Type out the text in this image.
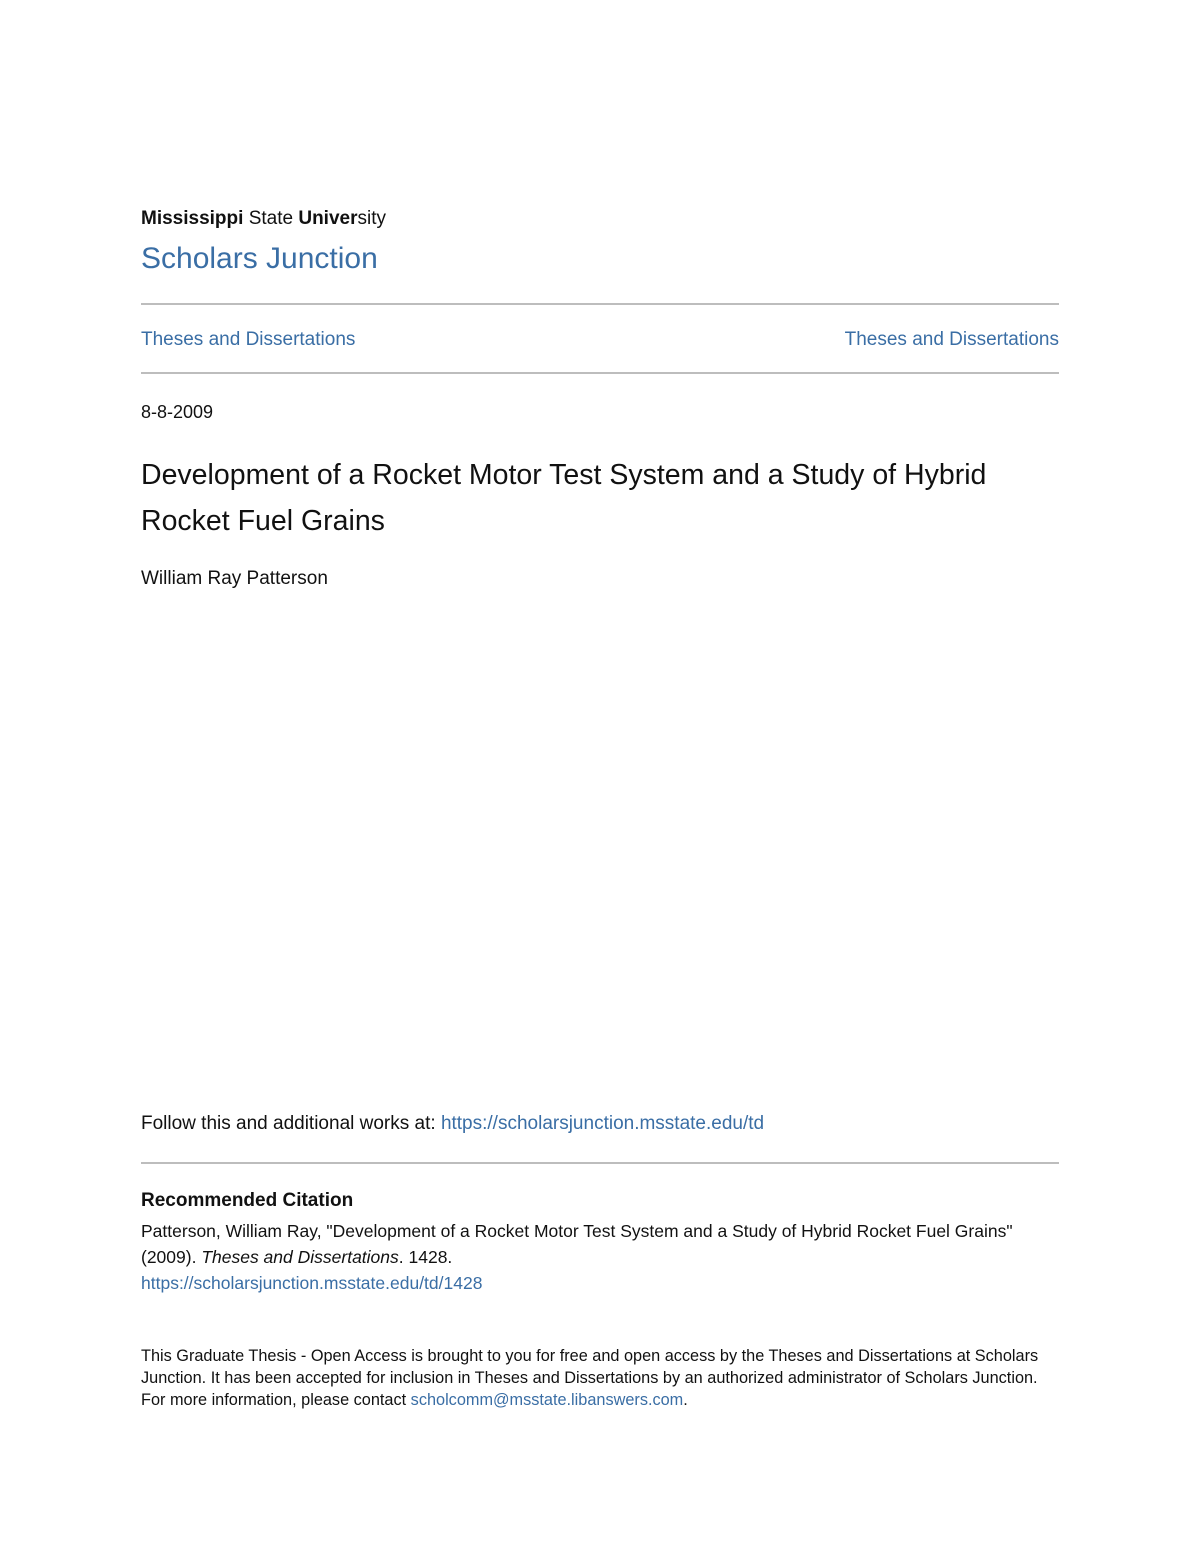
Mississippi State University
Scholars Junction
Theses and Dissertations	Theses and Dissertations
8-8-2009
Development of a Rocket Motor Test System and a Study of Hybrid Rocket Fuel Grains
William Ray Patterson
Follow this and additional works at: https://scholarsjunction.msstate.edu/td
Recommended Citation
Patterson, William Ray, "Development of a Rocket Motor Test System and a Study of Hybrid Rocket Fuel Grains" (2009). Theses and Dissertations. 1428.
https://scholarsjunction.msstate.edu/td/1428
This Graduate Thesis - Open Access is brought to you for free and open access by the Theses and Dissertations at Scholars Junction. It has been accepted for inclusion in Theses and Dissertations by an authorized administrator of Scholars Junction. For more information, please contact scholcomm@msstate.libanswers.com.
